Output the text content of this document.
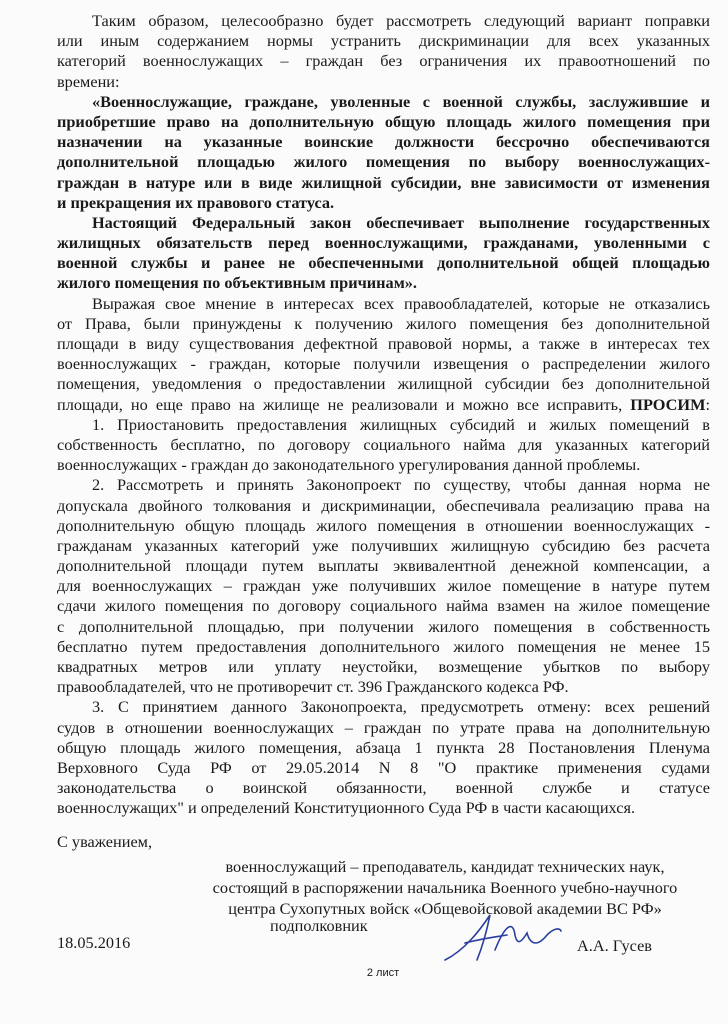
Таким образом, целесообразно будет рассмотреть следующий вариант поправки
или иным содержанием нормы устранить дискриминации для всех указанных
категорий военнослужащих – граждан без ограничения их правоотношений по
времени:
«Военнослужащие, граждане, уволенные с военной службы, заслужившие и
приобретшие право на дополнительную общую площадь жилого помещения при
назначении на указанные воинские должности бессрочно обеспечиваются
дополнительной площадью жилого помещения по выбору военнослужащих-
граждан в натуре или в виде жилищной субсидии, вне зависимости от изменения
и прекращения их правового статуса.
Настоящий Федеральный закон обеспечивает выполнение государственных
жилищных обязательств перед военнослужащими, гражданами, уволенными с
военной службы и ранее не обеспеченными дополнительной общей площадью
жилого помещения по объективным причинам».
Выражая свое мнение в интересах всех правообладателей, которые не отказались
от Права, были принуждены к получению жилого помещения без дополнительной
площади в виду существования дефектной правовой нормы, а также в интересах тех
военнослужащих - граждан, которые получили извещения о распределении жилого
помещения, уведомления о предоставлении жилищной субсидии без дополнительной
площади, но еще право на жилище не реализовали и можно все исправить, ПРОСИМ:
1. Приостановить предоставления жилищных субсидий и жилых помещений в
собственность бесплатно, по договору социального найма для указанных категорий
военнослужащих - граждан до законодательного урегулирования данной проблемы.
2. Рассмотреть и принять Законопроект по существу, чтобы данная норма не
допускала двойного толкования и дискриминации, обеспечивала реализацию права на
дополнительную общую площадь жилого помещения в отношении военнослужащих -
гражданам указанных категорий уже получивших жилищную субсидию без расчета
дополнительной площади путем выплаты эквивалентной денежной компенсации, а
для военнослужащих – граждан уже получивших жилое помещение в натуре путем
сдачи жилого помещения по договору социального найма взамен на жилое помещение
с дополнительной площадью, при получении жилого помещения в собственность
бесплатно путем предоставления дополнительного жилого помещения не менее 15
квадратных метров или уплату неустойки, возмещение убытков по выбору
правообладателей, что не противоречит ст. 396 Гражданского кодекса РФ.
3. С принятием данного Законопроекта, предусмотреть отмену: всех решений
судов в отношении военнослужащих – граждан по утрате права на дополнительную
общую площадь жилого помещения, абзаца 1 пункта 28 Постановления Пленума
Верховного Суда РФ от 29.05.2014 N 8 "О практике применения судами
законодательства о воинской обязанности, военной службе и статусе
военнослужащих" и определений Конституционного Суда РФ в части касающихся.
С уважением,
военнослужащий – преподаватель, кандидат технических наук,
состоящий в распоряжении начальника Военного учебно-научного
центра Сухопутных войск «Общевойсковой академии ВС РФ»
подполковник
18.05.2016	А.А. Гусев
2 лист
